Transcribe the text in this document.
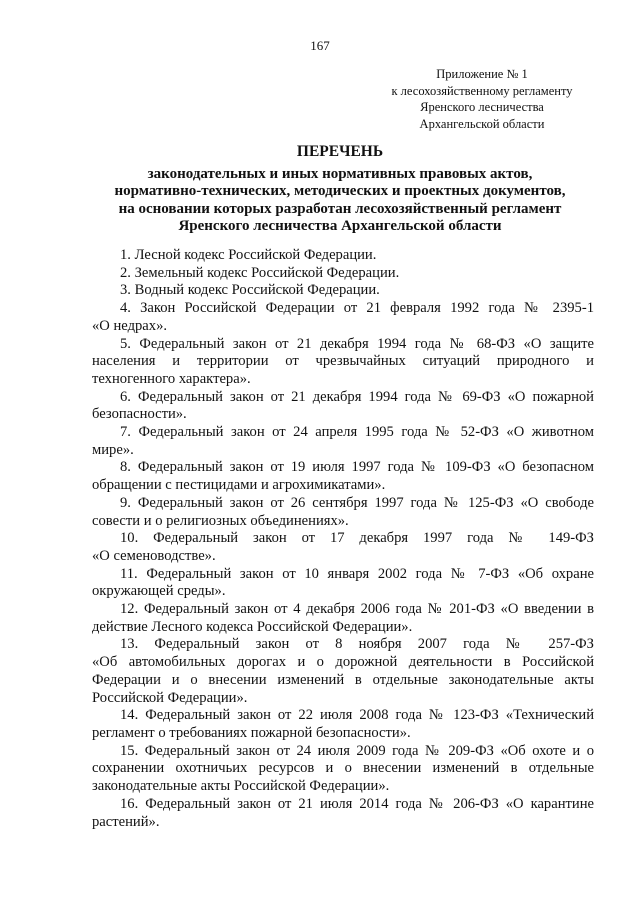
167
Приложение № 1
к лесохозяйственному регламенту
Яренского лесничества
Архангельской области
ПЕРЕЧЕНЬ
законодательных и иных нормативных правовых актов,
нормативно-технических, методических и проектных документов,
на основании которых разработан лесохозяйственный регламент
Яренского лесничества Архангельской области
1. Лесной кодекс Российской Федерации.
2. Земельный кодекс Российской Федерации.
3. Водный кодекс Российской Федерации.
4. Закон Российской Федерации от 21 февраля 1992 года № 2395-1
«О недрах».
5. Федеральный закон от 21 декабря 1994 года № 68-ФЗ «О защите
населения и территории от чрезвычайных ситуаций природного и
техногенного характера».
6. Федеральный закон от 21 декабря 1994 года № 69-ФЗ «О пожарной
безопасности».
7. Федеральный закон от 24 апреля 1995 года № 52-ФЗ «О животном
мире».
8. Федеральный закон от 19 июля 1997 года № 109-ФЗ «О безопасном
обращении с пестицидами и агрохимикатами».
9. Федеральный закон от 26 сентября 1997 года № 125-ФЗ «О свободе
совести и о религиозных объединениях».
10. Федеральный закон от 17 декабря 1997 года № 149-ФЗ
«О семеноводстве».
11. Федеральный закон от 10 января 2002 года № 7-ФЗ «Об охране
окружающей среды».
12. Федеральный закон от 4 декабря 2006 года № 201-ФЗ «О введении в
действие Лесного кодекса Российской Федерации».
13. Федеральный закон от 8 ноября 2007 года № 257-ФЗ
«Об автомобильных дорогах и о дорожной деятельности в Российской
Федерации и о внесении изменений в отдельные законодательные акты
Российской Федерации».
14. Федеральный закон от 22 июля 2008 года № 123-ФЗ «Технический
регламент о требованиях пожарной безопасности».
15. Федеральный закон от 24 июля 2009 года № 209-ФЗ «Об охоте и о
сохранении охотничьих ресурсов и о внесении изменений в отдельные
законодательные акты Российской Федерации».
16. Федеральный закон от 21 июля 2014 года № 206-ФЗ «О карантине
растений».
